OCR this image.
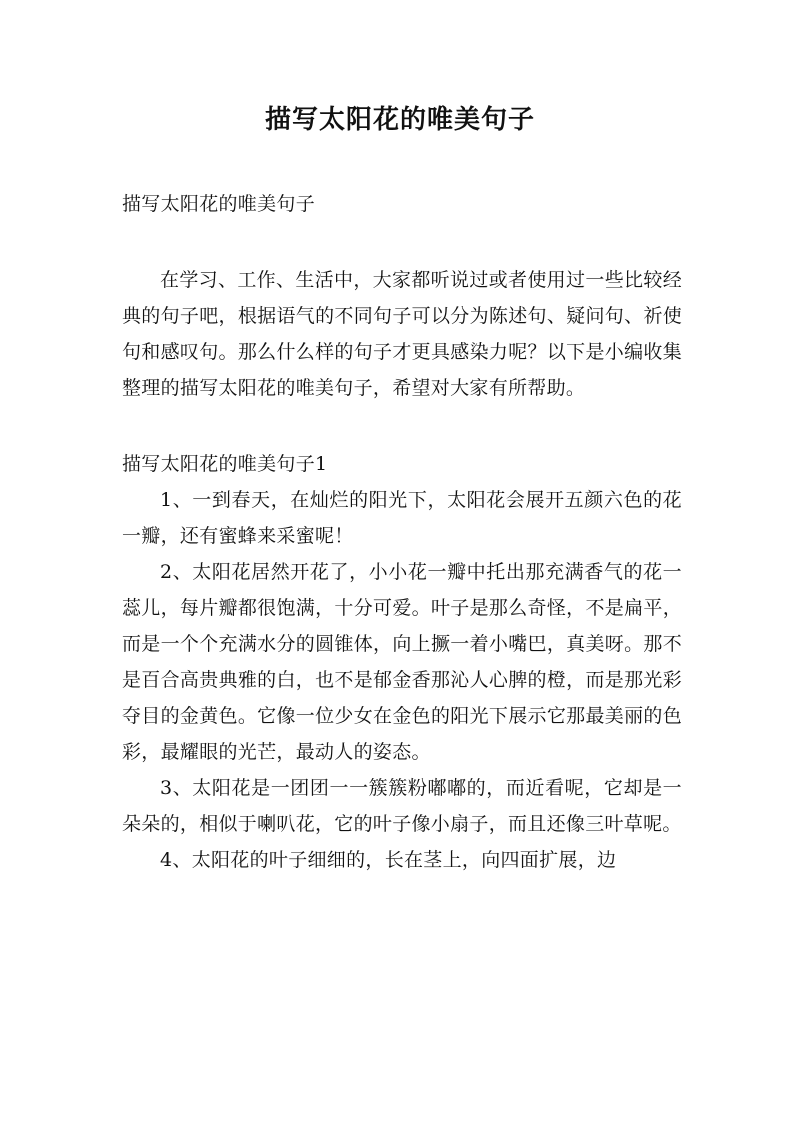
描写太阳花的唯美句子

描写太阳花的唯美句子

在学习、工作、生活中，大家都听说过或者使用过一些比较经典的句子吧，根据语气的不同句子可以分为陈述句、疑问句、祈使句和感叹句。那么什么样的句子才更具感染力呢？以下是小编收集整理的描写太阳花的唯美句子，希望对大家有所帮助。

描写太阳花的唯美句子1

1、一到春天，在灿烂的阳光下，太阳花会展开五颜六色的花一瓣，还有蜜蜂来采蜜呢！

2、太阳花居然开花了，小小花一瓣中托出那充满香气的花一蕊儿，每片瓣都很饱满，十分可爱。叶子是那么奇怪，不是扁平，而是一个个充满水分的圆锥体，向上撅一着小嘴巴，真美呀。那不是百合高贵典雅的白，也不是郁金香那沁人心脾的橙，而是那光彩夺目的金黄色。它像一位少女在金色的阳光下展示它那最美丽的色彩，最耀眼的光芒，最动人的姿态。

3、太阳花是一团团一一簇簇粉嘟嘟的，而近看呢，它却是一朵朵的，相似于喇叭花，它的叶子像小扇子，而且还像三叶草呢。

4、太阳花的叶子细细的，长在茎上，向四面扩展，边
